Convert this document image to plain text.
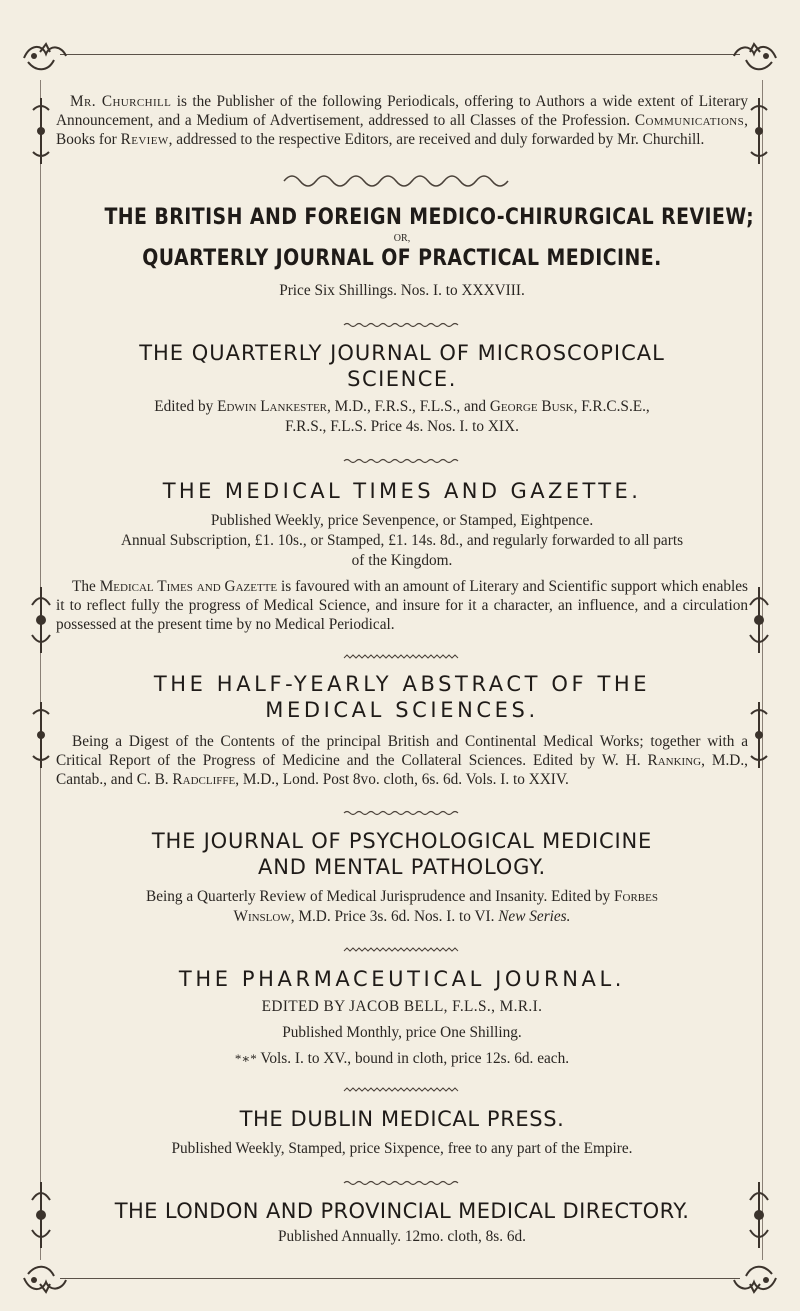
Mr. Churchill is the Publisher of the following Periodicals, offering to Authors a wide extent of Literary Announcement, and a Medium of Advertisement, addressed to all Classes of the Profession. Communications, Books for Review, addressed to the respective Editors, are received and duly forwarded by Mr. Churchill.

THE BRITISH AND FOREIGN MEDICO-CHIRURGICAL REVIEW;
OR,
QUARTERLY JOURNAL OF PRACTICAL MEDICINE.
Price Six Shillings. Nos. I. to XXXVIII.
THE QUARTERLY JOURNAL OF MICROSCOPICAL
SCIENCE.
Edited by Edwin Lankester, M.D., F.R.S., F.L.S., and George Busk, F.R.C.S.E.,
F.R.S., F.L.S. Price 4s. Nos. I. to XIX.
THE MEDICAL TIMES AND GAZETTE.
Published Weekly, price Sevenpence, or Stamped, Eightpence.
Annual Subscription, £1. 10s., or Stamped, £1. 14s. 8d., and regularly forwarded to all parts
of the Kingdom.

The Medical Times and Gazette is favoured with an amount of Literary and Scientific support which enables it to reflect fully the progress of Medical Science, and insure for it a character, an influence, and a circulation possessed at the present time by no Medical Periodical.

THE HALF-YEARLY ABSTRACT OF THE
MEDICAL SCIENCES.

Being a Digest of the Contents of the principal British and Continental Medical Works; together with a Critical Report of the Progress of Medicine and the Collateral Sciences. Edited by W. H. Ranking, M.D., Cantab., and C. B. Radcliffe, M.D., Lond. Post 8vo. cloth, 6s. 6d. Vols. I. to XXIV.

THE JOURNAL OF PSYCHOLOGICAL MEDICINE
AND MENTAL PATHOLOGY.
Being a Quarterly Review of Medical Jurisprudence and Insanity. Edited by Forbes
Winslow, M.D. Price 3s. 6d. Nos. I. to VI. New Series.
THE PHARMACEUTICAL JOURNAL.
EDITED BY JACOB BELL, F.L.S., M.R.I.
Published Monthly, price One Shilling.
*∗* Vols. I. to XV., bound in cloth, price 12s. 6d. each.
THE DUBLIN MEDICAL PRESS.
Published Weekly, Stamped, price Sixpence, free to any part of the Empire.
THE LONDON AND PROVINCIAL MEDICAL DIRECTORY.
Published Annually. 12mo. cloth, 8s. 6d.
